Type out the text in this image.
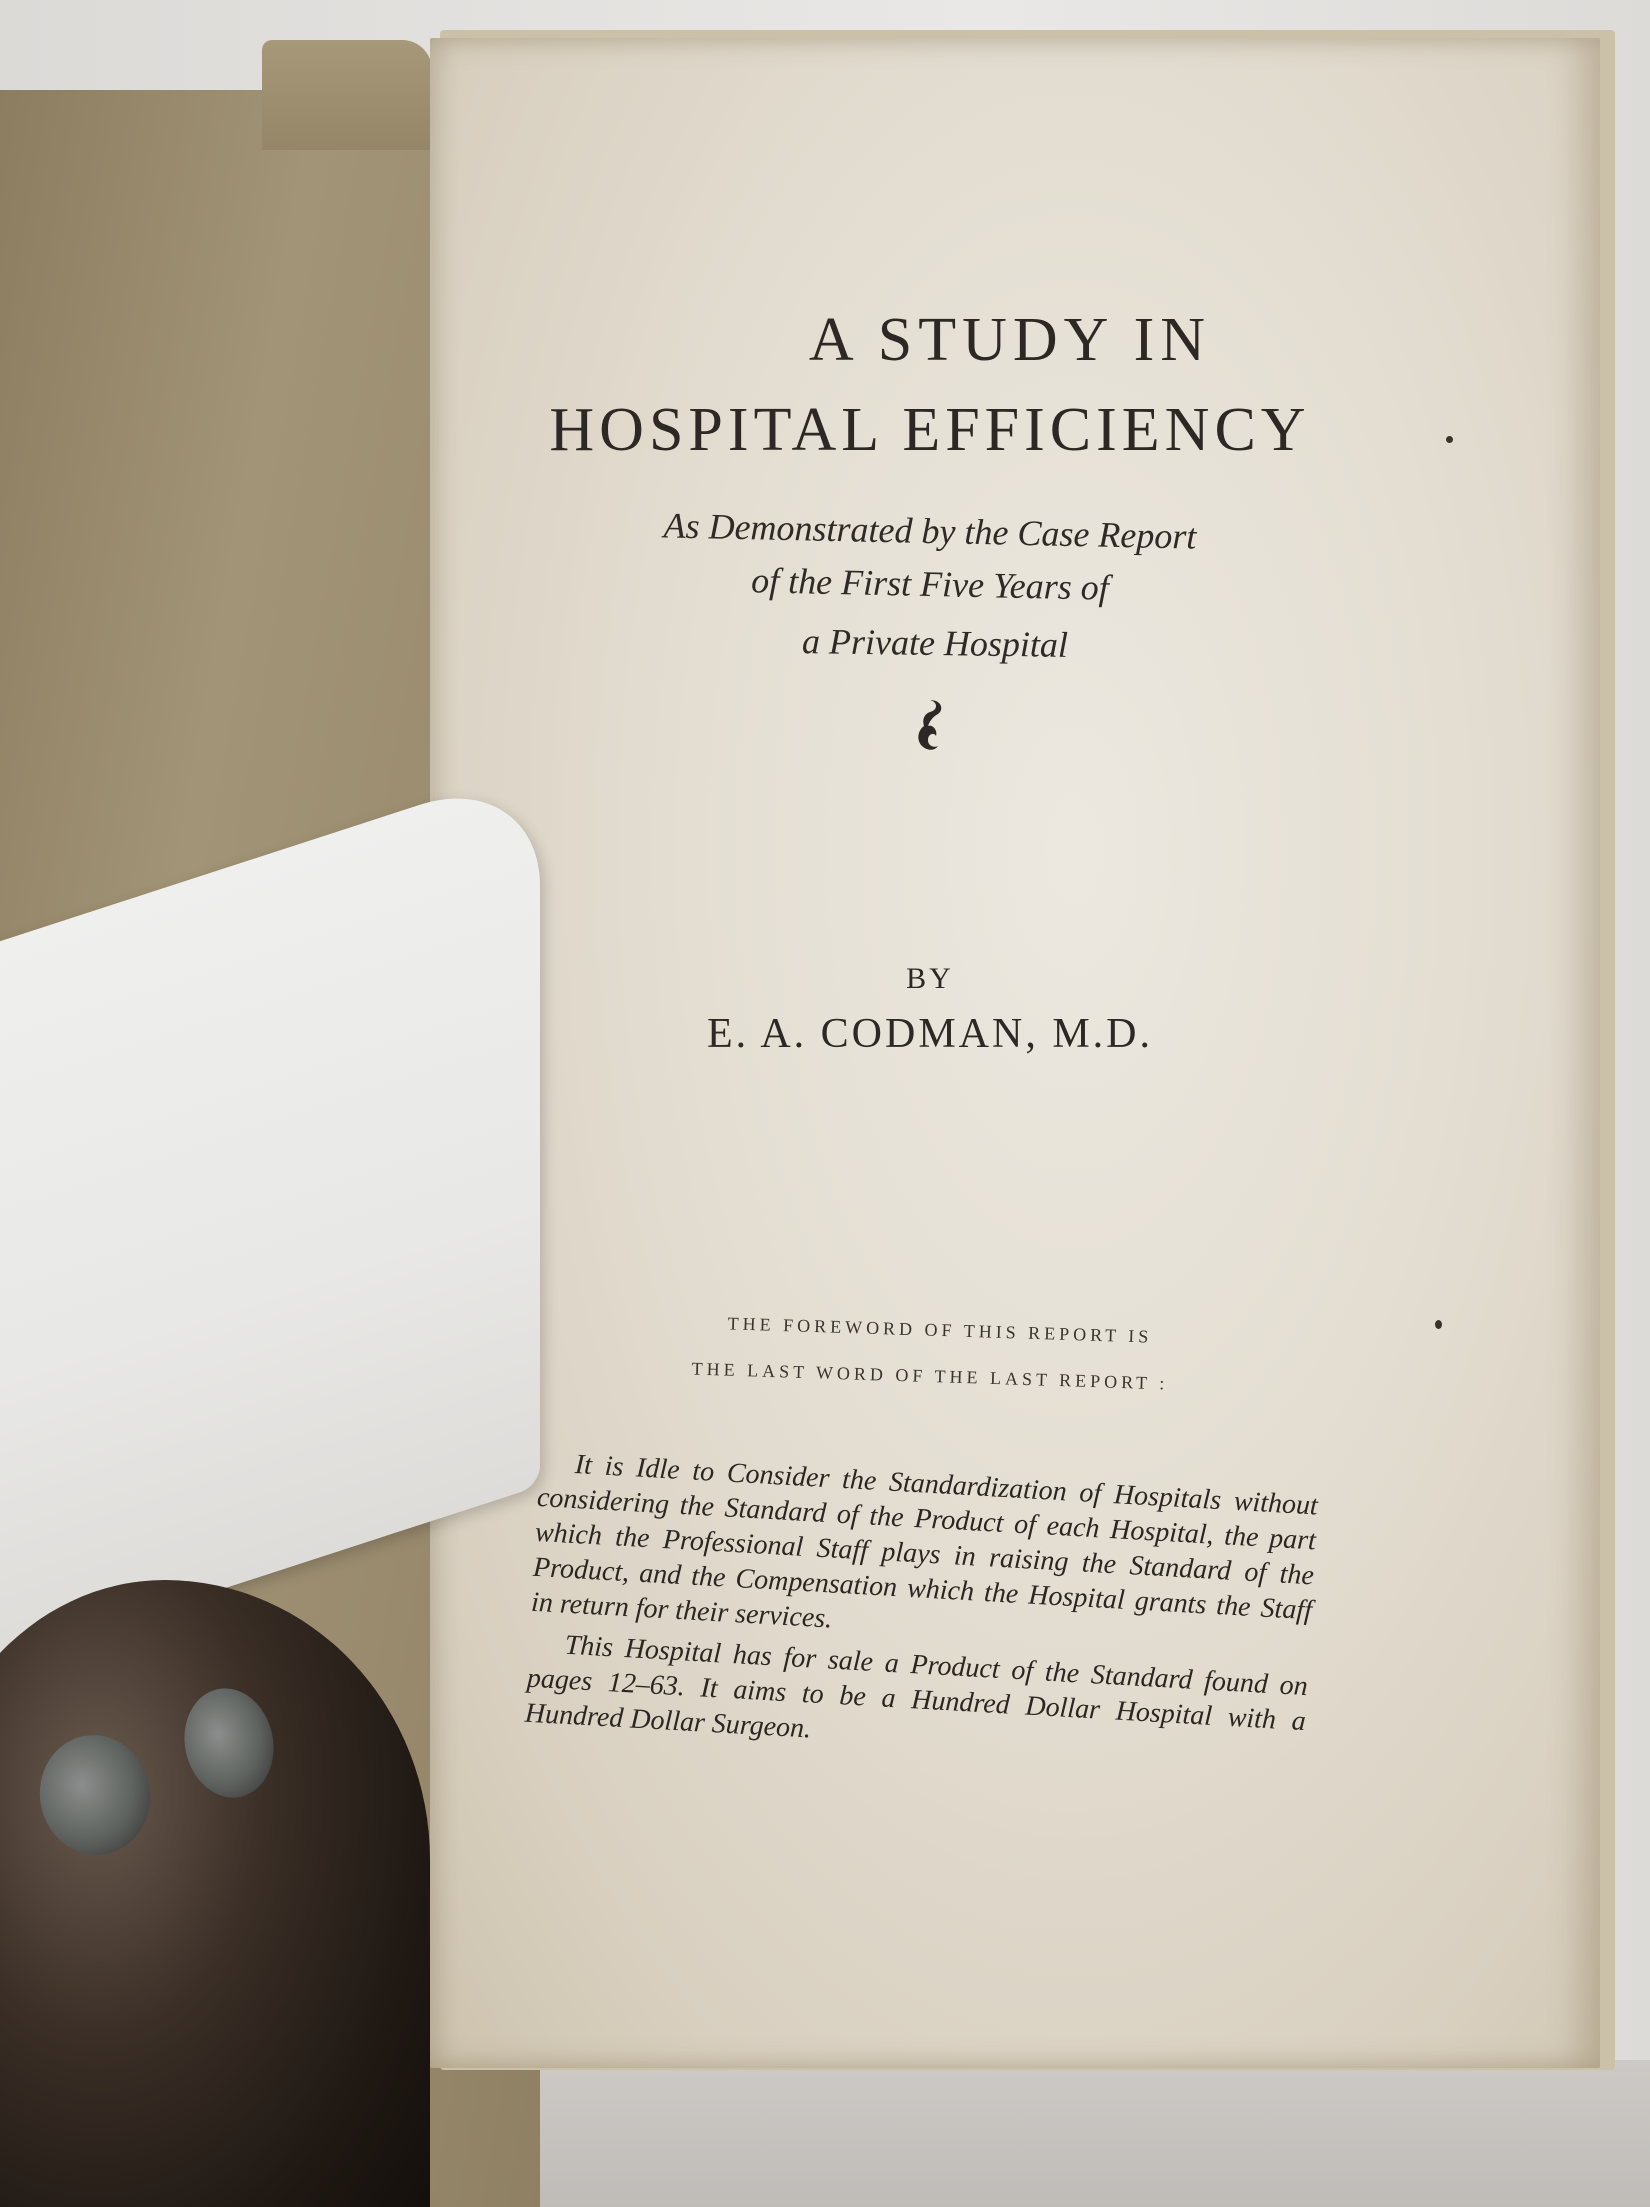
A STUDY IN
HOSPITAL EFFICIENCY
As Demonstrated by the Case Report
of the First Five Years of
a Private Hospital
BY
E. A. CODMAN, M.D.
THE FOREWORD OF THIS REPORT IS
THE LAST WORD OF THE LAST REPORT :

It is Idle to Consider the Standardization of Hospitals without considering the Standard of the Product of each Hospital, the part which the Professional Staff plays in raising the Standard of the Product, and the Compensation which the Hospital grants the Staff in return for their services.

This Hospital has for sale a Product of the Standard found on pages 12–63. It aims to be a Hundred Dollar Hospital with a Hundred Dollar Surgeon.
